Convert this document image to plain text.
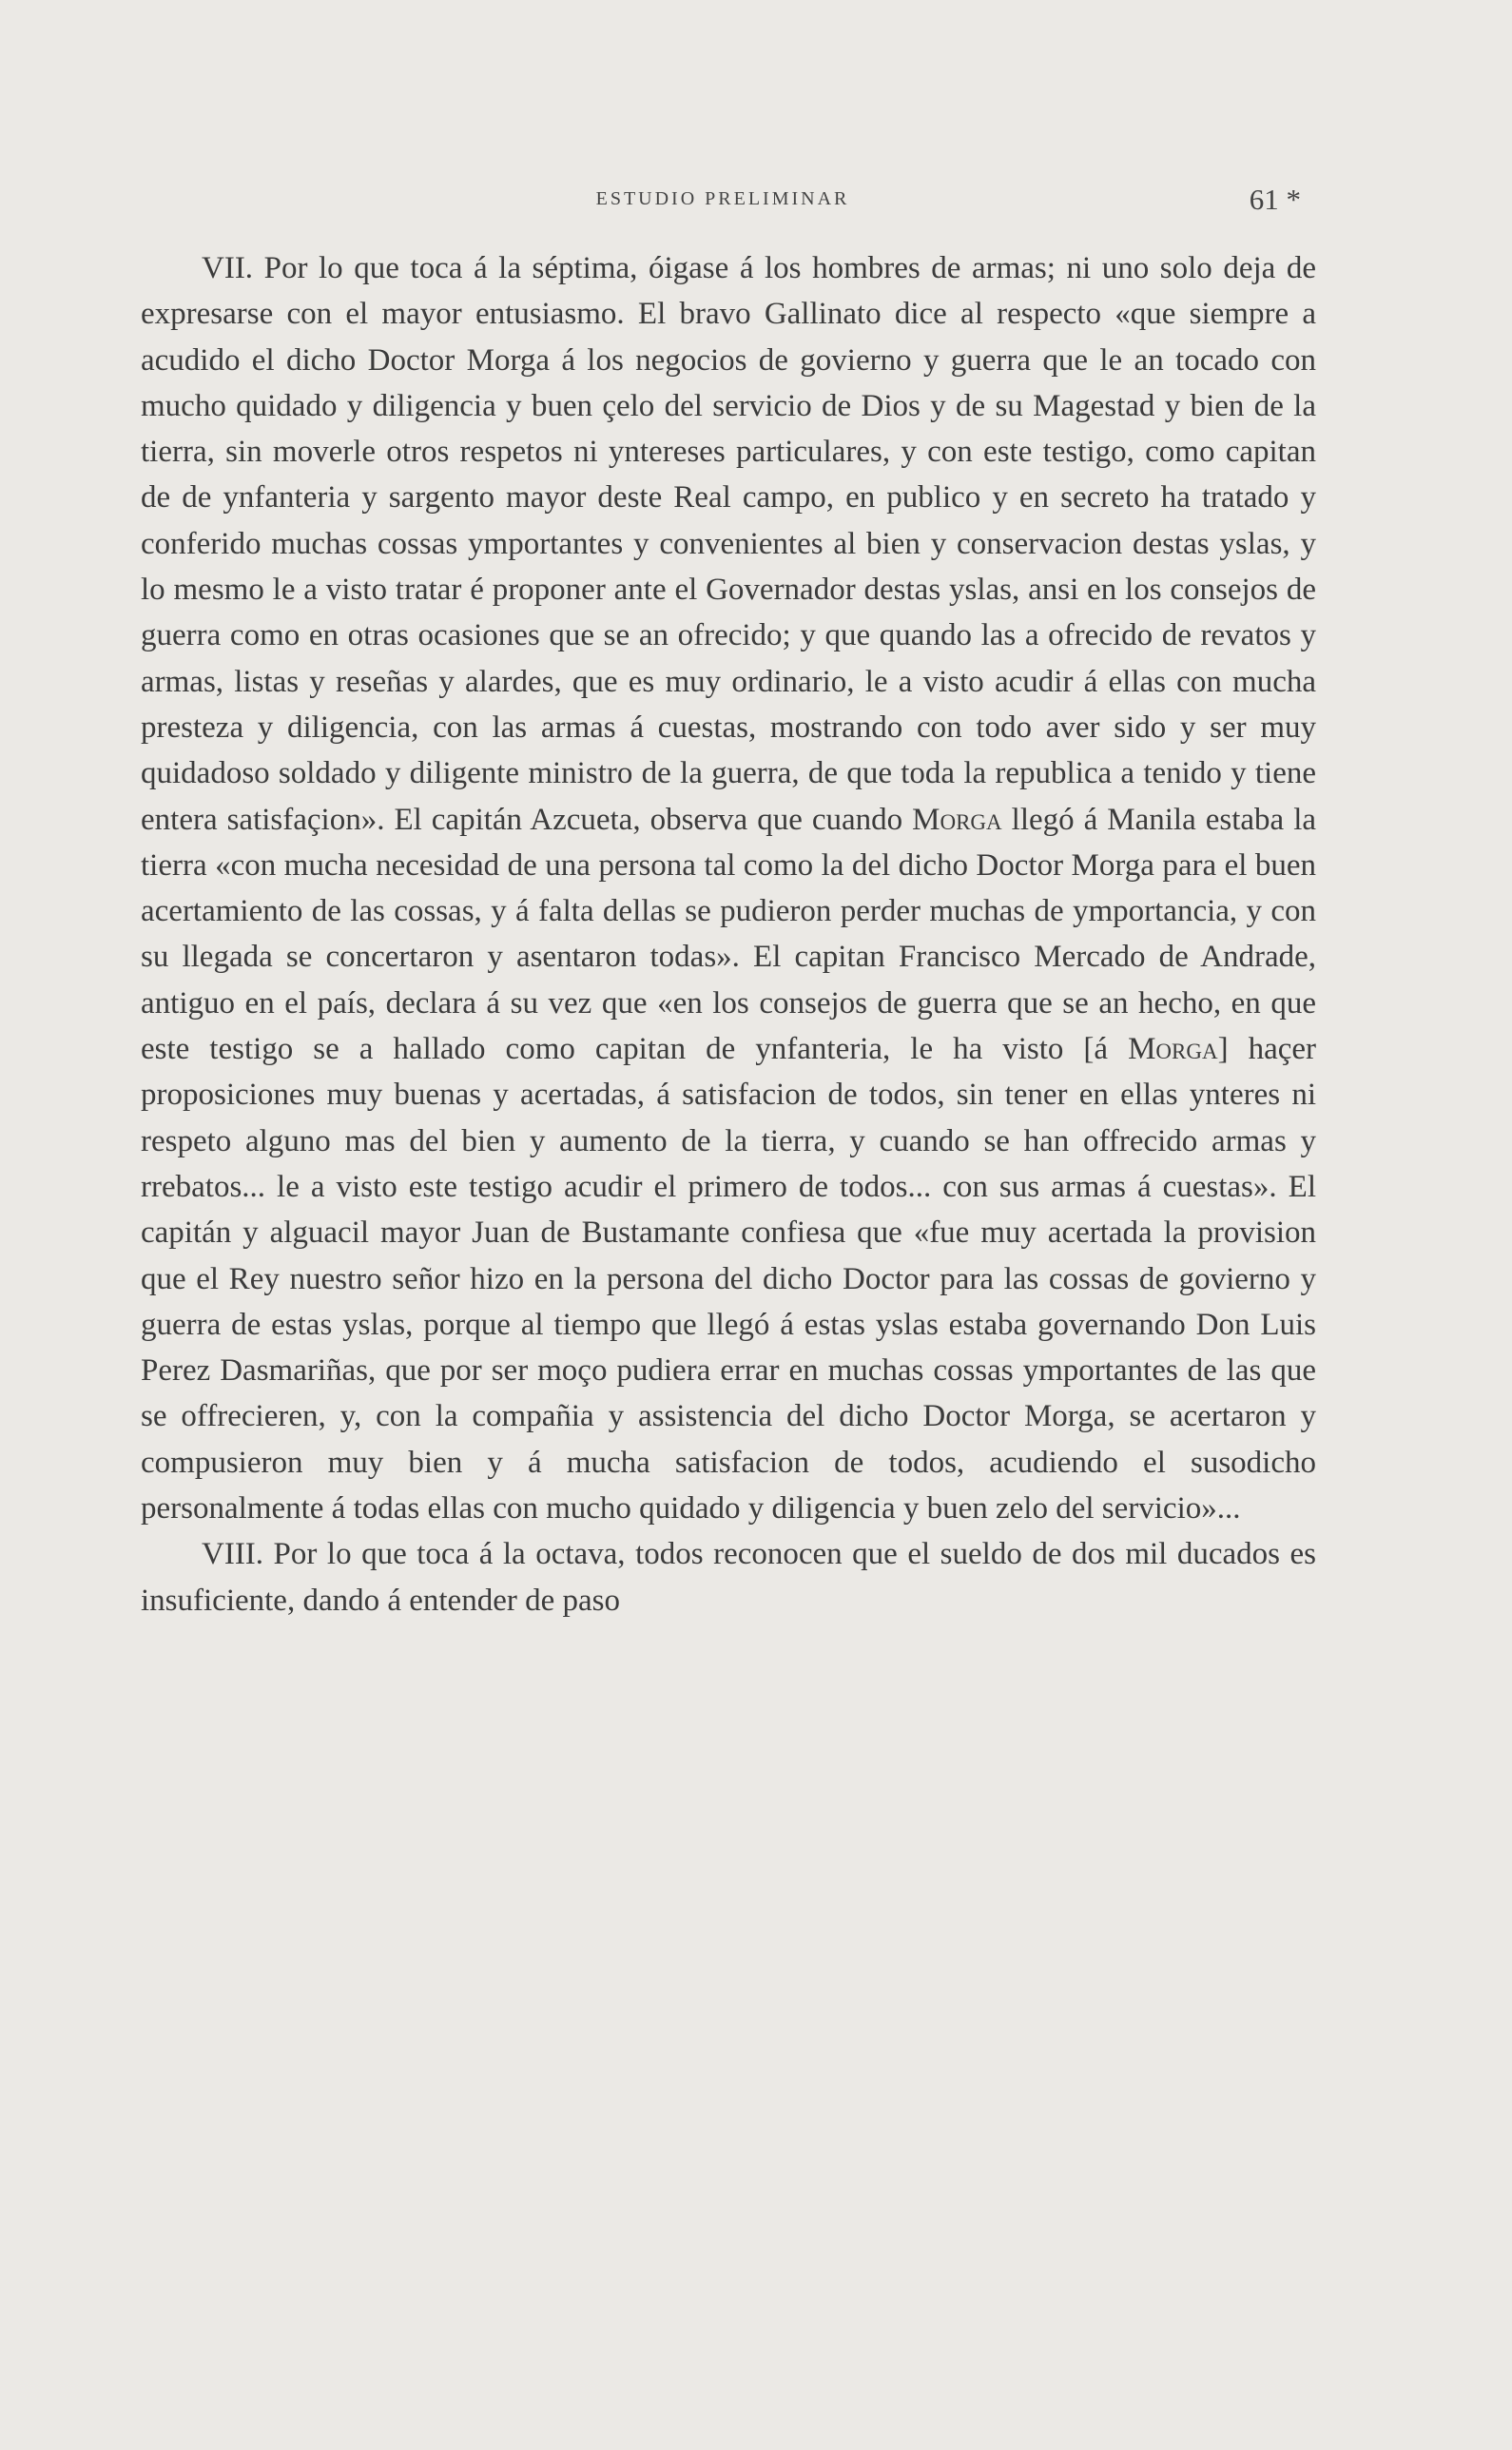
ESTUDIO PRELIMINAR	61 *

VII. Por lo que toca á la séptima, óigase á los hombres de armas; ni uno solo deja de expresarse con el mayor entusiasmo. El bravo Gallinato dice al respecto «que siempre a acudido el dicho Doctor Morga á los negocios de govierno y guerra que le an tocado con mucho quidado y diligencia y buen çelo del servicio de Dios y de su Magestad y bien de la tierra, sin moverle otros respetos ni yntereses particulares, y con este testigo, como capitan de de ynfanteria y sargento mayor deste Real campo, en publico y en secreto ha tratado y conferido muchas cossas ymportantes y convenientes al bien y conservacion destas yslas, y lo mesmo le a visto tratar é proponer ante el Governador destas yslas, ansi en los consejos de guerra como en otras ocasiones que se an ofrecido; y que quando las a ofrecido de revatos y armas, listas y reseñas y alardes, que es muy ordinario, le a visto acudir á ellas con mucha presteza y diligencia, con las armas á cuestas, mostrando con todo aver sido y ser muy quidadoso soldado y diligente ministro de la guerra, de que toda la republica a tenido y tiene entera satisfaçion». El capitán Azcueta, observa que cuando Morga llegó á Manila estaba la tierra «con mucha necesidad de una persona tal como la del dicho Doctor Morga para el buen acertamiento de las cossas, y á falta dellas se pudieron perder muchas de ymportancia, y con su llegada se concertaron y asentaron todas». El capitan Francisco Mercado de Andrade, antiguo en el país, declara á su vez que «en los consejos de guerra que se an hecho, en que este testigo se a hallado como capitan de ynfanteria, le ha visto [á Morga] haçer proposiciones muy buenas y acertadas, á satisfacion de todos, sin tener en ellas ynteres ni respeto alguno mas del bien y aumento de la tierra, y cuando se han offrecido armas y rrebatos... le a visto este testigo acudir el primero de todos... con sus armas á cuestas». El capitán y alguacil mayor Juan de Bustamante confiesa que «fue muy acertada la provision que el Rey nuestro señor hizo en la persona del dicho Doctor para las cossas de govierno y guerra de estas yslas, porque al tiempo que llegó á estas yslas estaba governando Don Luis Perez Dasmariñas, que por ser moço pudiera errar en muchas cossas ymportantes de las que se offrecieren, y, con la compañia y assistencia del dicho Doctor Morga, se acertaron y compusieron muy bien y á mucha satisfacion de todos, acudiendo el susodicho personalmente á todas ellas con mucho quidado y diligencia y buen zelo del servicio»...

VIII. Por lo que toca á la octava, todos reconocen que el sueldo de dos mil ducados es insuficiente, dando á entender de paso
